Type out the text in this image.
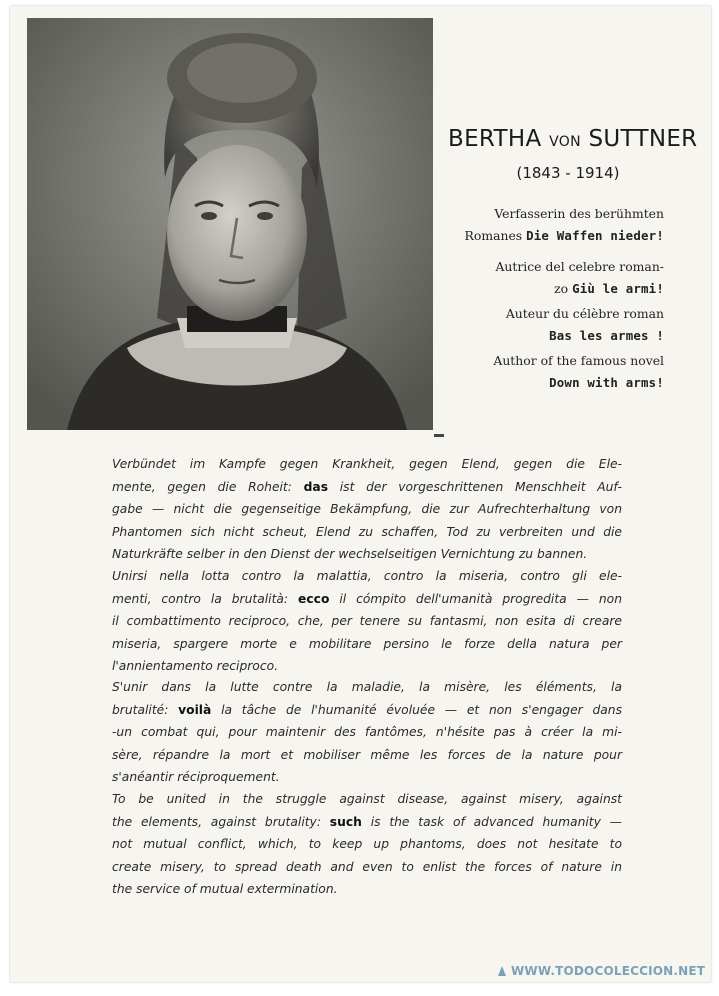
BERTHA VON SUTTNER
(1843 - 1914)
Verfasserin des berühmten
Romanes Die Waffen nieder!
Autrice del celebre roman-
zo Giù le armi!
Auteur du célèbre roman
Bas les armes !
Author of the famous novel
Down with arms!
Verbündet im Kampfe gegen Krankheit, gegen Elend, gegen die Ele-
mente, gegen die Roheit: das ist der vorgeschrittenen Menschheit Auf-
gabe — nicht die gegenseitige Bekämpfung, die zur Aufrechterhaltung von
Phantomen sich nicht scheut, Elend zu schaffen, Tod zu verbreiten und die
Naturkräfte selber in den Dienst der wechselseitigen Vernichtung zu bannen.
Unirsi nella lotta contro la malattia, contro la miseria, contro gli ele-
menti, contro la brutalità: ecco il cómpito dell'umanità progredita — non
il combattimento reciproco, che, per tenere su fantasmi, non esita di creare
miseria, spargere morte e mobilitare persino le forze della natura per
l'annientamento reciproco.
S'unir dans la lutte contre la maladie, la misère, les éléments, la
brutalité: voilà la tâche de l'humanité évoluée — et non s'engager dans
-un combat qui, pour maintenir des fantômes, n'hésite pas à créer la mi-
sère, répandre la mort et mobiliser même les forces de la nature pour
s'anéantir réciproquement.
To be united in the struggle against disease, against misery, against
the elements, against brutality: such is the task of advanced humanity —
not mutual conflict, which, to keep up phantoms, does not hesitate to
create misery, to spread death and even to enlist the forces of nature in
the service of mutual extermination.
WWW.TODOCOLECCION.NET
